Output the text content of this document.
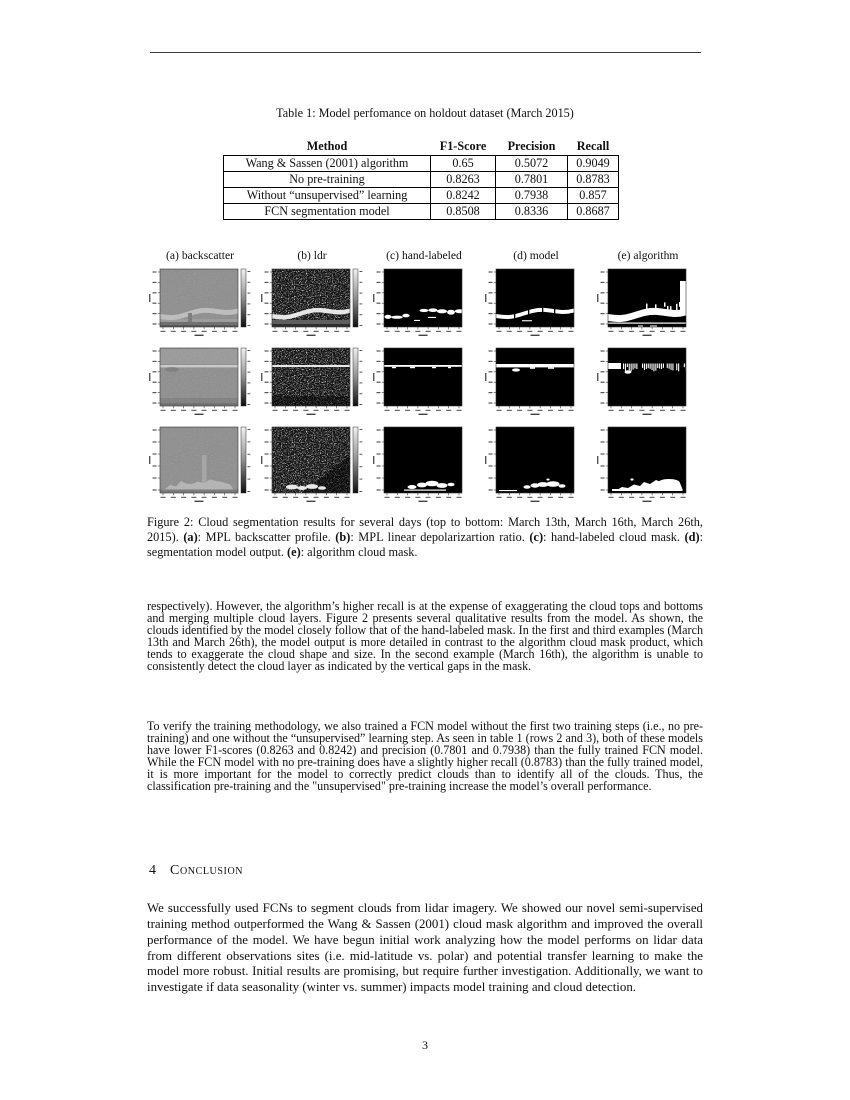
Table 1: Model perfomance on holdout dataset (March 2015)
Method	F1-Score	Precision	Recall
Wang & Sassen (2001) algorithm	0.65	0.5072	0.9049
No pre-training	0.8263	0.7801	0.8783
Without “unsupervised” learning	0.8242	0.7938	0.857
FCN segmentation model	0.8508	0.8336	0.8687
(a) backscatter	(b) ldr	(c) hand-labeled	(d) model	(e) algorithm
Figure 2: Cloud segmentation results for several days (top to bottom: March 13th, March 16th, March 26th, 2015). (a): MPL backscatter profile. (b): MPL linear depolarizartion ratio. (c): hand-labeled cloud mask. (d): segmentation model output. (e): algorithm cloud mask.

respectively). However, the algorithm’s higher recall is at the expense of exaggerating the cloud tops and bottoms and merging multiple cloud layers. Figure 2 presents several qualitative results from the model. As shown, the clouds identified by the model closely follow that of the hand-labeled mask. In the first and third examples (March 13th and March 26th), the model output is more detailed in contrast to the algorithm cloud mask product, which tends to exaggerate the cloud shape and size. In the second example (March 16th), the algorithm is unable to consistently detect the cloud layer as indicated by the vertical gaps in the mask.

To verify the training methodology, we also trained a FCN model without the first two training steps (i.e., no pre-training) and one without the “unsupervised” learning step. As seen in table 1 (rows 2 and 3), both of these models have lower F1-scores (0.8263 and 0.8242) and precision (0.7801 and 0.7938) than the fully trained FCN model. While the FCN model with no pre-training does have a slightly higher recall (0.8783) than the fully trained model, it is more important for the model to correctly predict clouds than to identify all of the clouds. Thus, the classification pre-training and the "unsupervised" pre-training increase the model’s overall performance.

4 Conclusion

We successfully used FCNs to segment clouds from lidar imagery. We showed our novel semi-supervised training method outperformed the Wang & Sassen (2001) cloud mask algorithm and improved the overall performance of the model. We have begun initial work analyzing how the model performs on lidar data from different observations sites (i.e. mid-latitude vs. polar) and potential transfer learning to make the model more robust. Initial results are promising, but require further investigation. Additionally, we want to investigate if data seasonality (winter vs. summer) impacts model training and cloud detection.

3
